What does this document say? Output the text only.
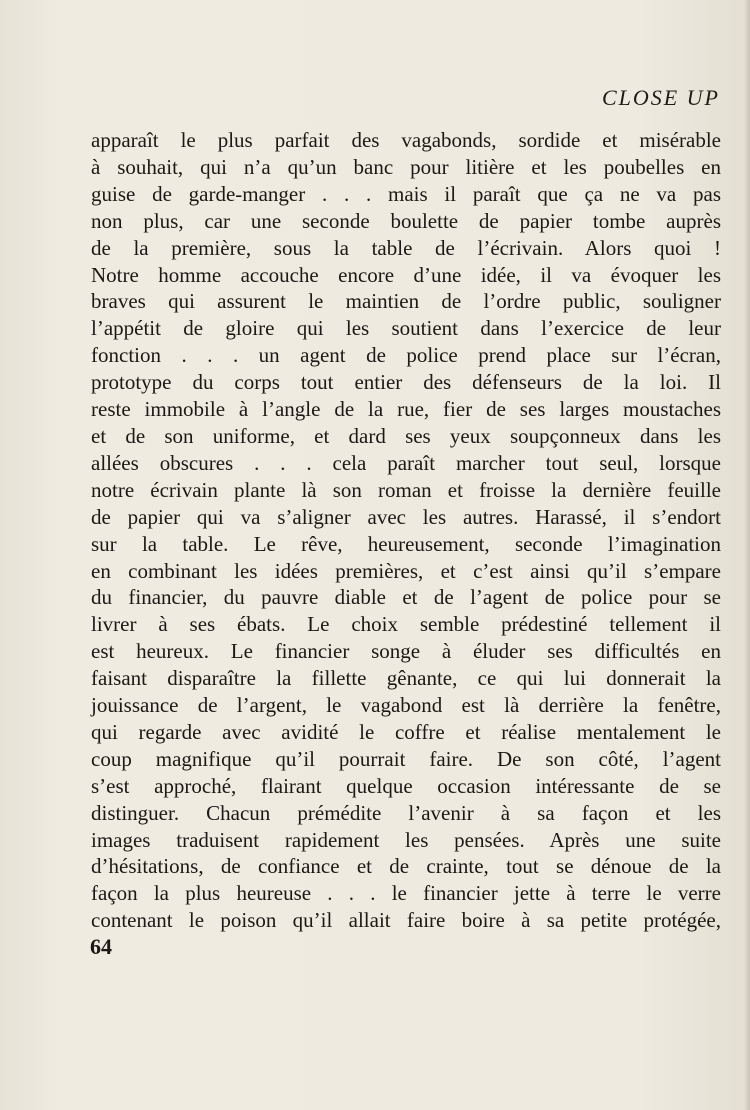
CLOSE UP

apparaît le plus parfait des vagabonds, sordide et misérable
à souhait, qui n’a qu’un banc pour litière et les poubelles en
guise de garde-manger . . . mais il paraît que ça ne va pas
non plus, car une seconde boulette de papier tombe auprès
de la première, sous la table de l’écrivain. Alors quoi !
Notre homme accouche encore d’une idée, il va évoquer les
braves qui assurent le maintien de l’ordre public, souligner
l’appétit de gloire qui les soutient dans l’exercice de leur
fonction . . . un agent de police prend place sur l’écran,
prototype du corps tout entier des défenseurs de la loi. Il
reste immobile à l’angle de la rue, fier de ses larges moustaches
et de son uniforme, et dard ses yeux soupçonneux dans les
allées obscures . . . cela paraît marcher tout seul, lorsque
notre écrivain plante là son roman et froisse la dernière feuille
de papier qui va s’aligner avec les autres. Harassé, il s’endort
sur la table. Le rêve, heureusement, seconde l’imagination
en combinant les idées premières, et c’est ainsi qu’il s’empare
du financier, du pauvre diable et de l’agent de police pour se
livrer à ses ébats. Le choix semble prédestiné tellement il
est heureux. Le financier songe à éluder ses difficultés en
faisant disparaître la fillette gênante, ce qui lui donnerait la
jouissance de l’argent, le vagabond est là derrière la fenêtre,
qui regarde avec avidité le coffre et réalise mentalement le
coup magnifique qu’il pourrait faire. De son côté, l’agent
s’est approché, flairant quelque occasion intéressante de se
distinguer. Chacun prémédite l’avenir à sa façon et les
images traduisent rapidement les pensées. Après une suite
d’hésitations, de confiance et de crainte, tout se dénoue de la
façon la plus heureuse . . . le financier jette à terre le verre
contenant le poison qu’il allait faire boire à sa petite protégée,

64
